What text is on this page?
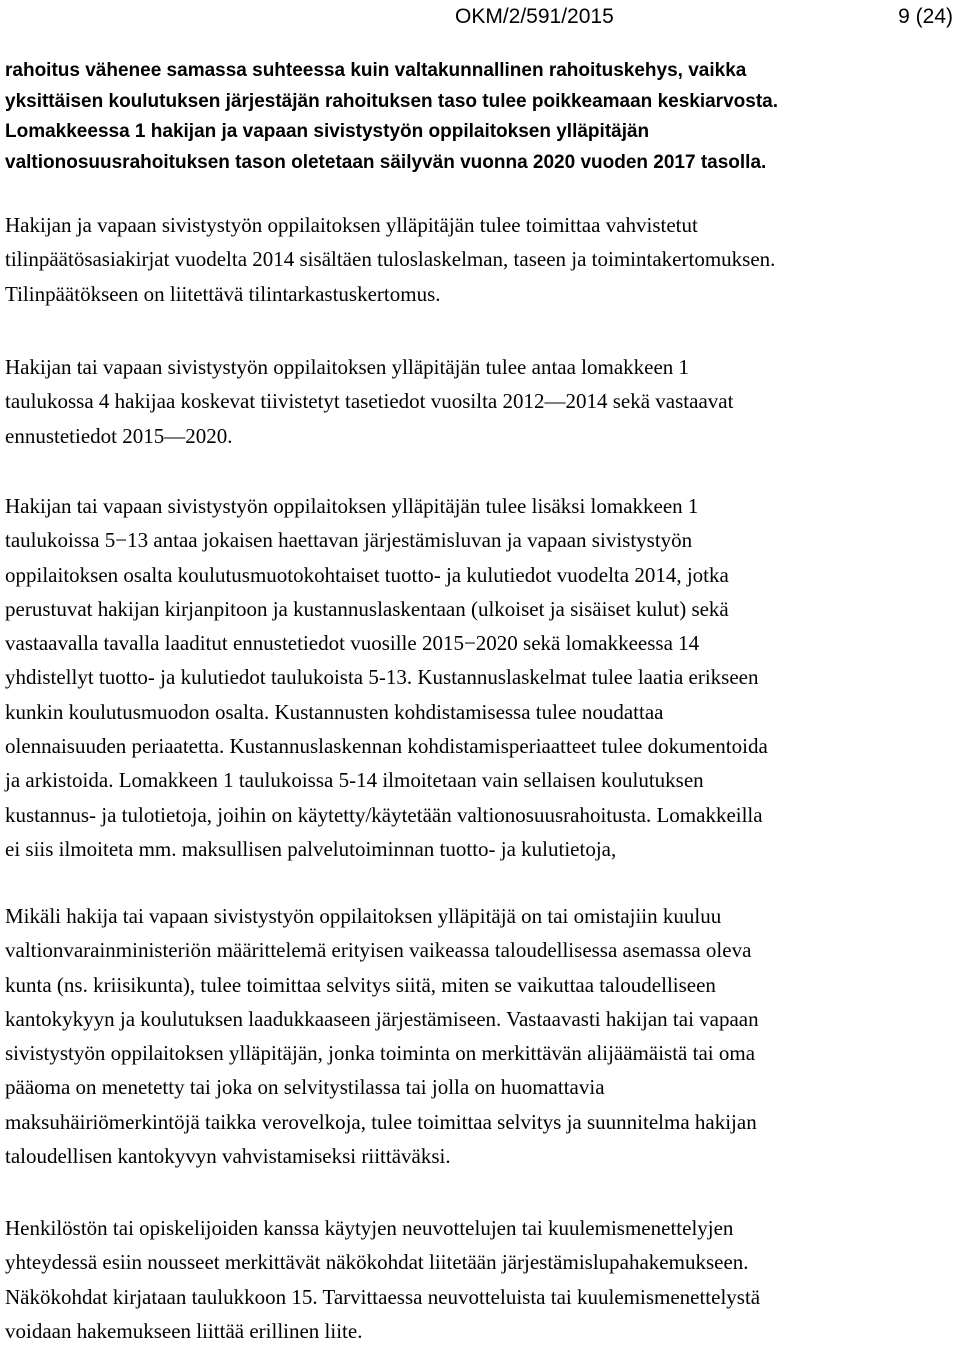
OKM/2/591/2015	9 (24)

rahoitus vähenee samassa suhteessa kuin valtakunnallinen rahoituskehys, vaikka
yksittäisen koulutuksen järjestäjän rahoituksen taso tulee poikkeamaan keskiarvosta.
Lomakkeessa 1 hakijan ja vapaan sivistystyön oppilaitoksen ylläpitäjän
valtionosuusrahoituksen tason oletetaan säilyvän vuonna 2020 vuoden 2017 tasolla.

Hakijan ja vapaan sivistystyön oppilaitoksen ylläpitäjän tulee toimittaa vahvistetut
tilinpäätösasiakirjat vuodelta 2014 sisältäen tuloslaskelman, taseen ja toimintakertomuksen.
Tilinpäätökseen on liitettävä tilintarkastuskertomus.

Hakijan tai vapaan sivistystyön oppilaitoksen ylläpitäjän tulee antaa lomakkeen 1
taulukossa 4 hakijaa koskevat tiivistetyt tasetiedot vuosilta 2012—2014 sekä vastaavat
ennustetiedot 2015—2020.

Hakijan tai vapaan sivistystyön oppilaitoksen ylläpitäjän tulee lisäksi lomakkeen 1
taulukoissa 5−13 antaa jokaisen haettavan järjestämisluvan ja vapaan sivistystyön
oppilaitoksen osalta koulutusmuotokohtaiset tuotto- ja kulutiedot vuodelta 2014, jotka
perustuvat hakijan kirjanpitoon ja kustannuslaskentaan (ulkoiset ja sisäiset kulut) sekä
vastaavalla tavalla laaditut ennustetiedot vuosille 2015−2020 sekä lomakkeessa 14
yhdistellyt tuotto- ja kulutiedot taulukoista 5-13. Kustannuslaskelmat tulee laatia erikseen
kunkin koulutusmuodon osalta. Kustannusten kohdistamisessa tulee noudattaa
olennaisuuden periaatetta. Kustannuslaskennan kohdistamisperiaatteet tulee dokumentoida
ja arkistoida. Lomakkeen 1 taulukoissa 5-14 ilmoitetaan vain sellaisen koulutuksen
kustannus- ja tulotietoja, joihin on käytetty/käytetään valtionosuusrahoitusta. Lomakkeilla
ei siis ilmoiteta mm. maksullisen palvelutoiminnan tuotto- ja kulutietoja,

Mikäli hakija tai vapaan sivistystyön oppilaitoksen ylläpitäjä on tai omistajiin kuuluu
valtionvarainministeriön määrittelemä erityisen vaikeassa taloudellisessa asemassa oleva
kunta (ns. kriisikunta), tulee toimittaa selvitys siitä, miten se vaikuttaa taloudelliseen
kantokykyyn ja koulutuksen laadukkaaseen järjestämiseen. Vastaavasti hakijan tai vapaan
sivistystyön oppilaitoksen ylläpitäjän, jonka toiminta on merkittävän alijäämäistä tai oma
pääoma on menetetty tai joka on selvitystilassa tai jolla on huomattavia
maksuhäiriömerkintöjä taikka verovelkoja, tulee toimittaa selvitys ja suunnitelma hakijan
taloudellisen kantokyvyn vahvistamiseksi riittäväksi.

Henkilöstön tai opiskelijoiden kanssa käytyjen neuvottelujen tai kuulemismenettelyjen
yhteydessä esiin nousseet merkittävät näkökohdat liitetään järjestämislupahakemukseen.
Näkökohdat kirjataan taulukkoon 15. Tarvittaessa neuvotteluista tai kuulemismenettelystä
voidaan hakemukseen liittää erillinen liite.
